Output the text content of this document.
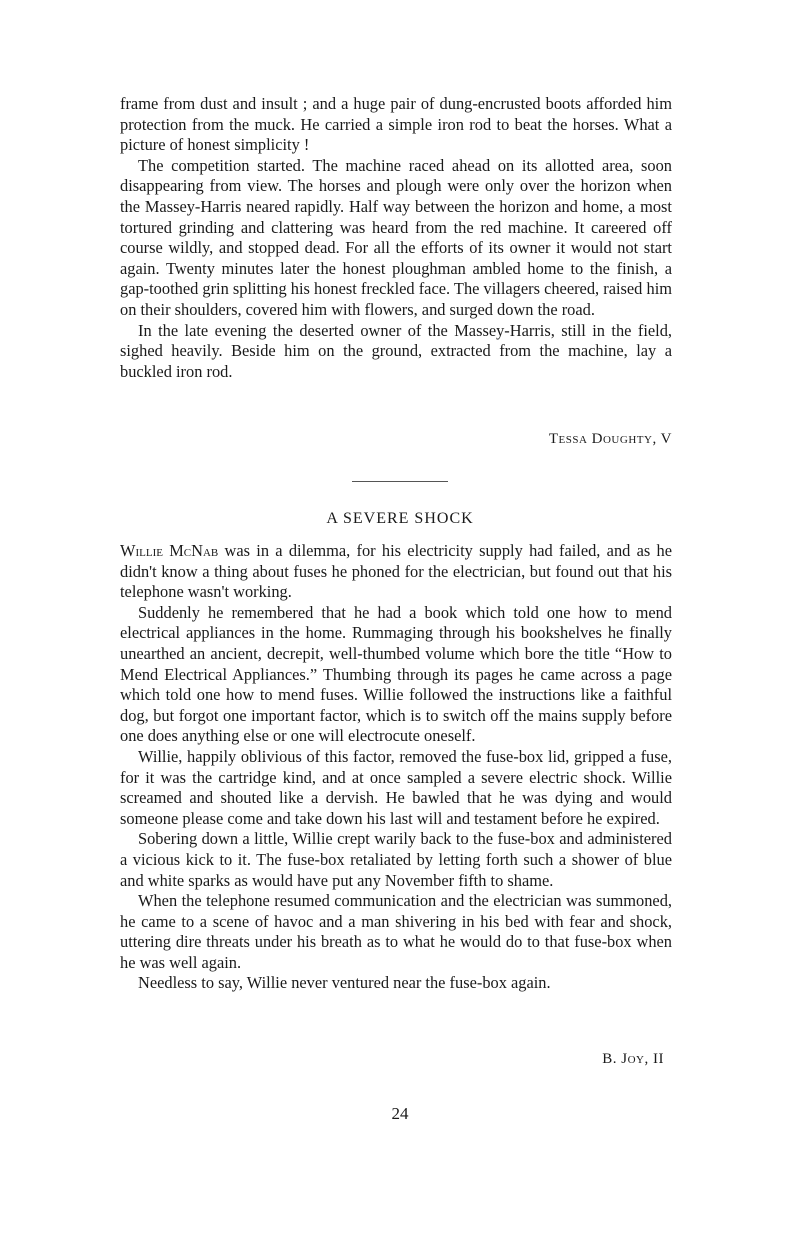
frame from dust and insult ; and a huge pair of dung-encrusted boots afforded him protection from the muck. He carried a simple iron rod to beat the horses. What a picture of honest simplicity !

The competition started. The machine raced ahead on its allotted area, soon disappearing from view. The horses and plough were only over the horizon when the Massey-Harris neared rapidly. Half way between the horizon and home, a most tortured grinding and clattering was heard from the red machine. It careered off course wildly, and stopped dead. For all the efforts of its owner it would not start again. Twenty minutes later the honest ploughman ambled home to the finish, a gap-toothed grin splitting his honest freckled face. The villagers cheered, raised him on their shoulders, covered him with flowers, and surged down the road.

In the late evening the deserted owner of the Massey-Harris, still in the field, sighed heavily. Beside him on the ground, extracted from the machine, lay a buckled iron rod.

Tessa Doughty, V
A SEVERE SHOCK

Willie McNab was in a dilemma, for his electricity supply had failed, and as he didn't know a thing about fuses he phoned for the electrician, but found out that his telephone wasn't working.

Suddenly he remembered that he had a book which told one how to mend electrical appliances in the home. Rummaging through his bookshelves he finally unearthed an ancient, decrepit, well-thumbed volume which bore the title “How to Mend Electrical Appliances.” Thumbing through its pages he came across a page which told one how to mend fuses. Willie followed the instructions like a faithful dog, but forgot one important factor, which is to switch off the mains supply before one does anything else or one will electrocute oneself.

Willie, happily oblivious of this factor, removed the fuse-box lid, gripped a fuse, for it was the cartridge kind, and at once sampled a severe electric shock. Willie screamed and shouted like a dervish. He bawled that he was dying and would someone please come and take down his last will and testament before he expired.

Sobering down a little, Willie crept warily back to the fuse-box and administered a vicious kick to it. The fuse-box retaliated by letting forth such a shower of blue and white sparks as would have put any November fifth to shame.

When the telephone resumed communication and the electrician was summoned, he came to a scene of havoc and a man shivering in his bed with fear and shock, uttering dire threats under his breath as to what he would do to that fuse-box when he was well again.

Needless to say, Willie never ventured near the fuse-box again.

B. Joy, II
24
